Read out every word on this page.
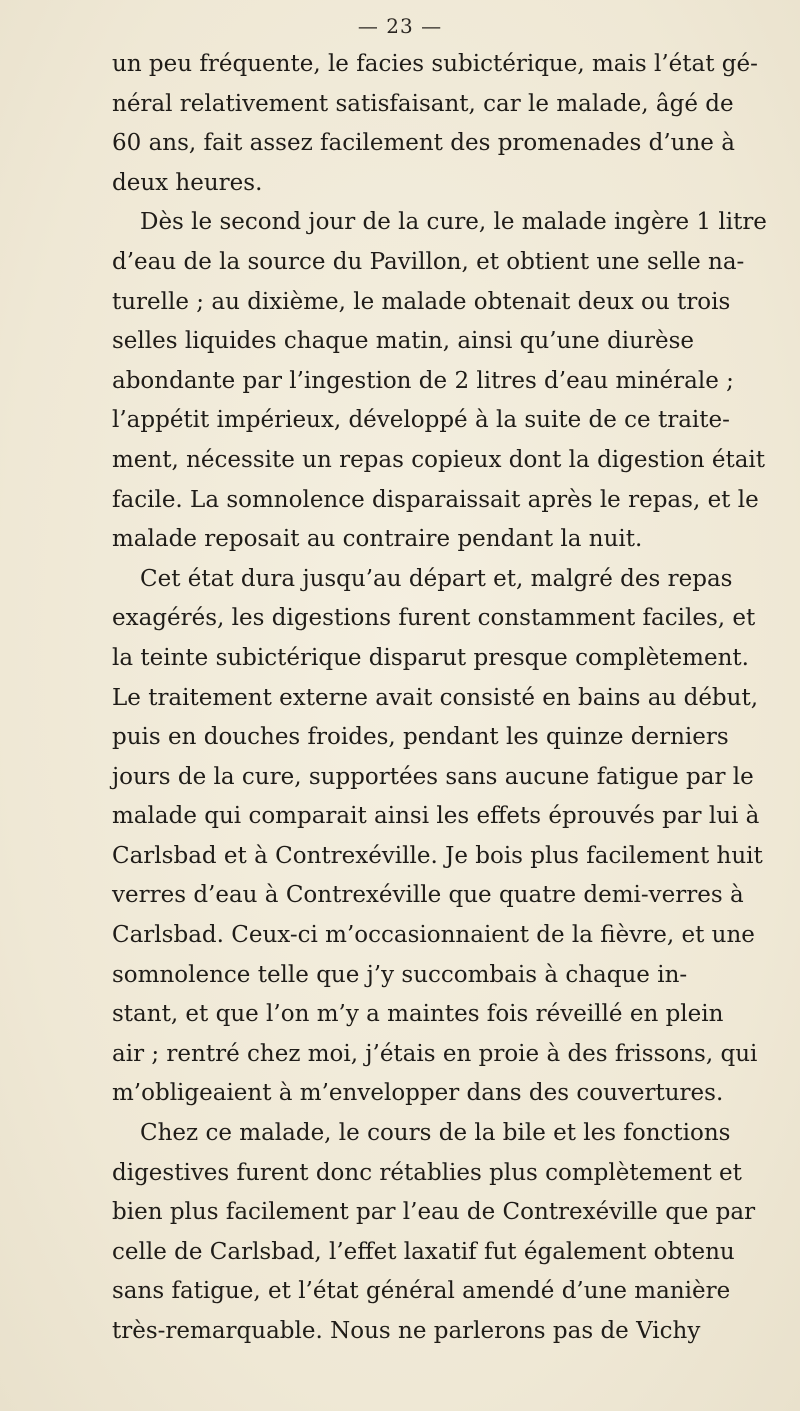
— 23 —
un peu fréquente, le facies subictérique, mais l’état gé-
néral relativement satisfaisant, car le malade, âgé de
60 ans, fait assez facilement des promenades d’une à
deux heures.
Dès le second jour de la cure, le malade ingère 1 litre
d’eau de la source du Pavillon, et obtient une selle na-
turelle ; au dixième, le malade obtenait deux ou trois
selles liquides chaque matin, ainsi qu’une diurèse
abondante par l’ingestion de 2 litres d’eau minérale ;
l’appétit impérieux, développé à la suite de ce traite-
ment, nécessite un repas copieux dont la digestion était
facile. La somnolence disparaissait après le repas, et le
malade reposait au contraire pendant la nuit.
Cet état dura jusqu’au départ et, malgré des repas
exagérés, les digestions furent constamment faciles, et
la teinte subictérique disparut presque complètement.
Le traitement externe avait consisté en bains au début,
puis en douches froides, pendant les quinze derniers
jours de la cure, supportées sans aucune fatigue par le
malade qui comparait ainsi les effets éprouvés par lui à
Carlsbad et à Contrexéville. Je bois plus facilement huit
verres d’eau à Contrexéville que quatre demi-verres à
Carlsbad. Ceux-ci m’occasionnaient de la fièvre, et une
somnolence telle que j’y succombais à chaque in-
stant, et que l’on m’y a maintes fois réveillé en plein
air ; rentré chez moi, j’étais en proie à des frissons, qui
m’obligeaient à m’envelopper dans des couvertures.
Chez ce malade, le cours de la bile et les fonctions
digestives furent donc rétablies plus complètement et
bien plus facilement par l’eau de Contrexéville que par
celle de Carlsbad, l’effet laxatif fut également obtenu
sans fatigue, et l’état général amendé d’une manière
très-remarquable. Nous ne parlerons pas de Vichy
